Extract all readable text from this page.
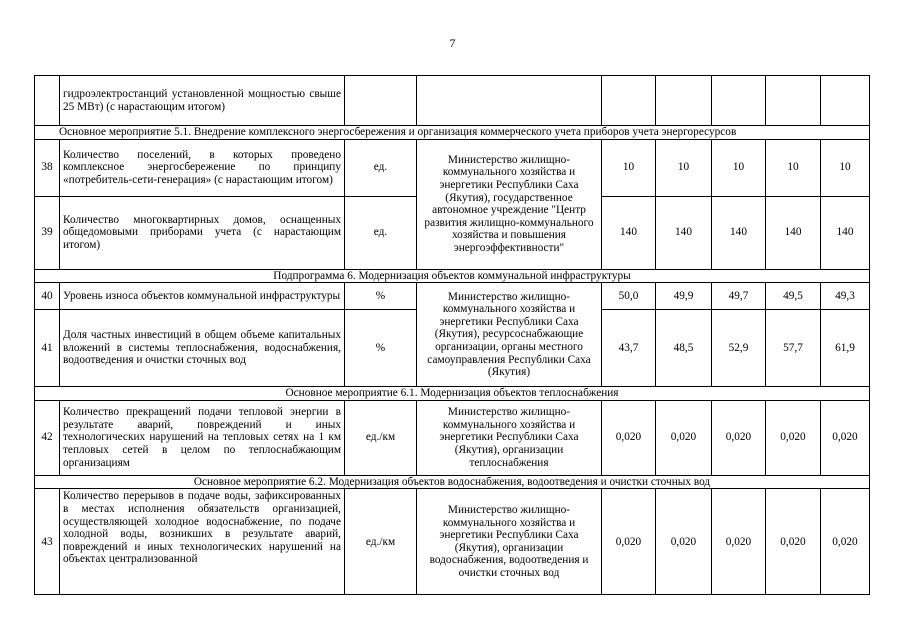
7
	гидроэлектростанций установленной мощностью свыше 25 МВт) (с нарастающим итогом)							
Основное мероприятие 5.1. Внедрение комплексного энергосбережения и организация коммерческого учета приборов учета энергоресурсов								
38	Количество поселений, в которых проведено комплексное энергосбережение по принципу «потребитель-сети-генерация» (с нарастающим итогом)	ед.	Министерство жилищно-коммунального хозяйства и энергетики Республики Саха (Якутия), государственное автономное учреждение "Центр развития жилищно-коммунального хозяйства и повышения энергоэффективности"	10	10	10	10	10
39	Количество многоквартирных домов, оснащенных общедомовыми приборами учета (с нарастающим итогом)	ед.		140	140	140	140	140
Подпрограмма 6. Модернизация объектов коммунальной инфраструктуры								
40	Уровень износа объектов коммунальной инфраструктуры	%	Министерство жилищно-коммунального хозяйства и энергетики Республики Саха (Якутия), ресурсоснабжающие организации, органы местного самоуправления Республики Саха (Якутия)	50,0	49,9	49,7	49,5	49,3
41	Доля частных инвестиций в общем объеме капитальных вложений в системы теплоснабжения, водоснабжения, водоотведения и очистки сточных вод	%		43,7	48,5	52,9	57,7	61,9
Основное мероприятие 6.1. Модернизация объектов теплоснабжения								
42	Количество прекращений подачи тепловой энергии в результате аварий, повреждений и иных технологических нарушений на тепловых сетях на 1 км тепловых сетей в целом по теплоснабжающим организациям	ед./км	Министерство жилищно-коммунального хозяйства и энергетики Республики Саха (Якутия), организации теплоснабжения	0,020	0,020	0,020	0,020	0,020
Основное мероприятие 6.2. Модернизация объектов водоснабжения, водоотведения и очистки сточных вод								
43	Количество перерывов в подаче воды, зафиксированных в местах исполнения обязательств организацией, осуществляющей холодное водоснабжение, по подаче холодной воды, возникших в результате аварий, повреждений и иных технологических нарушений на объектах централизованной	ед./км	Министерство жилищно-коммунального хозяйства и энергетики Республики Саха (Якутия), организации водоснабжения, водоотведения и очистки сточных вод	0,020	0,020	0,020	0,020	0,020
